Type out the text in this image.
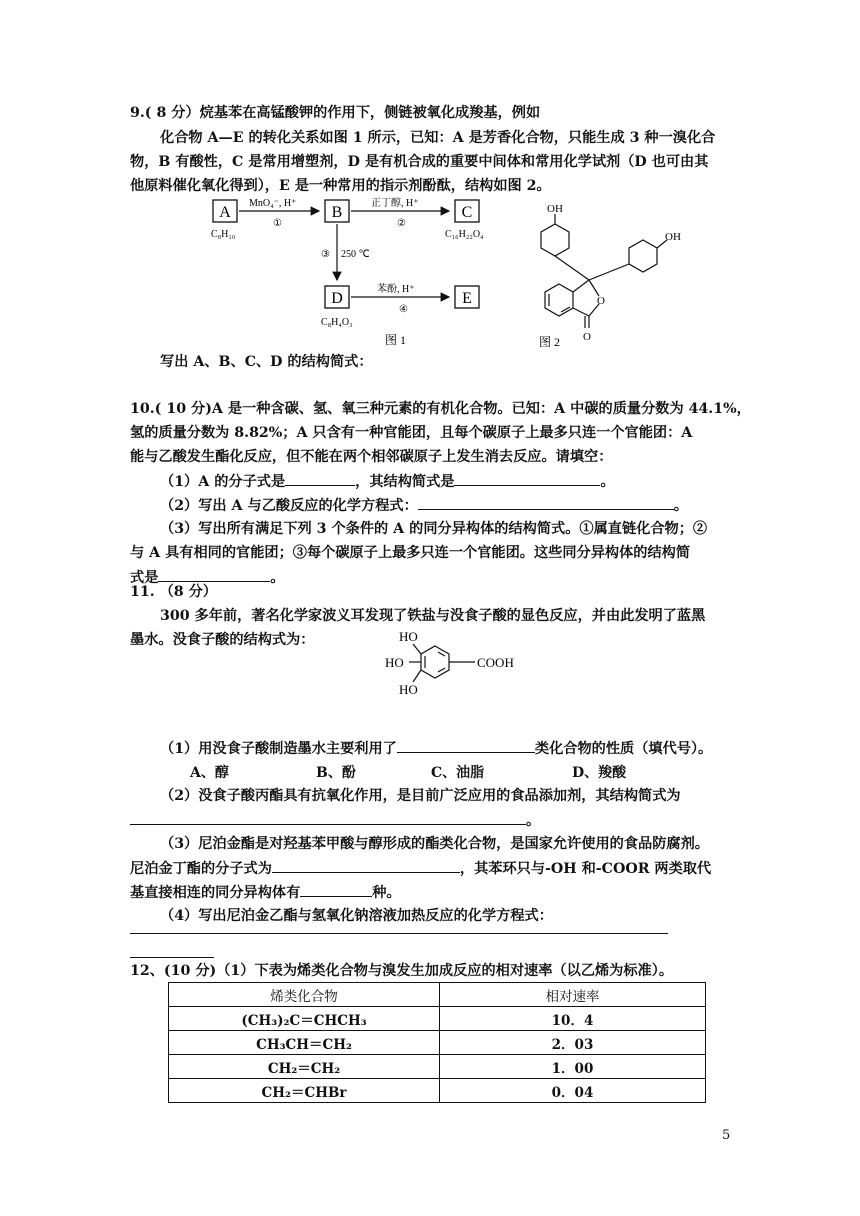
9.( 8 分）烷基苯在高锰酸钾的作用下，侧链被氧化成羧基，例如
化合物 A—E 的转化关系如图 1 所示，已知：A 是芳香化合物，只能生成 3 种一溴化合
物，B 有酸性，C 是常用增塑剂，D 是有机合成的重要中间体和常用化学试剂（D 也可由其
他原料催化氧化得到），E 是一种常用的指示剂酚酞，结构如图 2。
A
C₈H₁₀
MnO₄⁻, H⁺
①
B
正丁醇, H⁺
②
C
C₁₆H₂₂O₄
③ 250 ℃
D
C₈H₄O₃
苯酚, H⁺
④
E
图 1
OH
OH
O
O
图 2
写出 A、B、C、D 的结构简式：
10.( 10 分)A 是一种含碳、氢、氧三种元素的有机化合物。已知：A 中碳的质量分数为 44.1%，
氢的质量分数为 8.82%；A 只含有一种官能团，且每个碳原子上最多只连一个官能团：A
能与乙酸发生酯化反应，但不能在两个相邻碳原子上发生消去反应。请填空：
（1）A 的分子式是	，其结构简式是	。
（2）写出 A 与乙酸反应的化学方程式：	。
（3）写出所有满足下列 3 个条件的 A 的同分异构体的结构简式。①属直链化合物；②
与 A 具有相同的官能团；③每个碳原子上最多只连一个官能团。这些同分异构体的结构简
式是	。
11. （8 分）
300 多年前，著名化学家波义耳发现了铁盐与没食子酸的显色反应，并由此发明了蓝黑
墨水。没食子酸的结构式为：	HO
HO
HO
COOH
（1）用没食子酸制造墨水主要利用了	类化合物的性质（填代号）。
A、醇	B、酚	C、油脂	D、羧酸
（2）没食子酸丙酯具有抗氧化作用，是目前广泛应用的食品添加剂，其结构简式为
。
（3）尼泊金酯是对羟基苯甲酸与醇形成的酯类化合物，是国家允许使用的食品防腐剂。
尼泊金丁酯的分子式为	，其苯环只与-OH 和-COOR 两类取代
基直接相连的同分异构体有	种。
（4）写出尼泊金乙酯与氢氧化钠溶液加热反应的化学方程式：
12、(10 分)（1）下表为烯类化合物与溴发生加成反应的相对速率（以乙烯为标准）。
烯类化合物	相对速率
(CH₃)₂C＝CHCH₃	10．4
CH₃CH＝CH₂	2．03
CH₂＝CH₂	1．00
CH₂＝CHBr	0．04
5
